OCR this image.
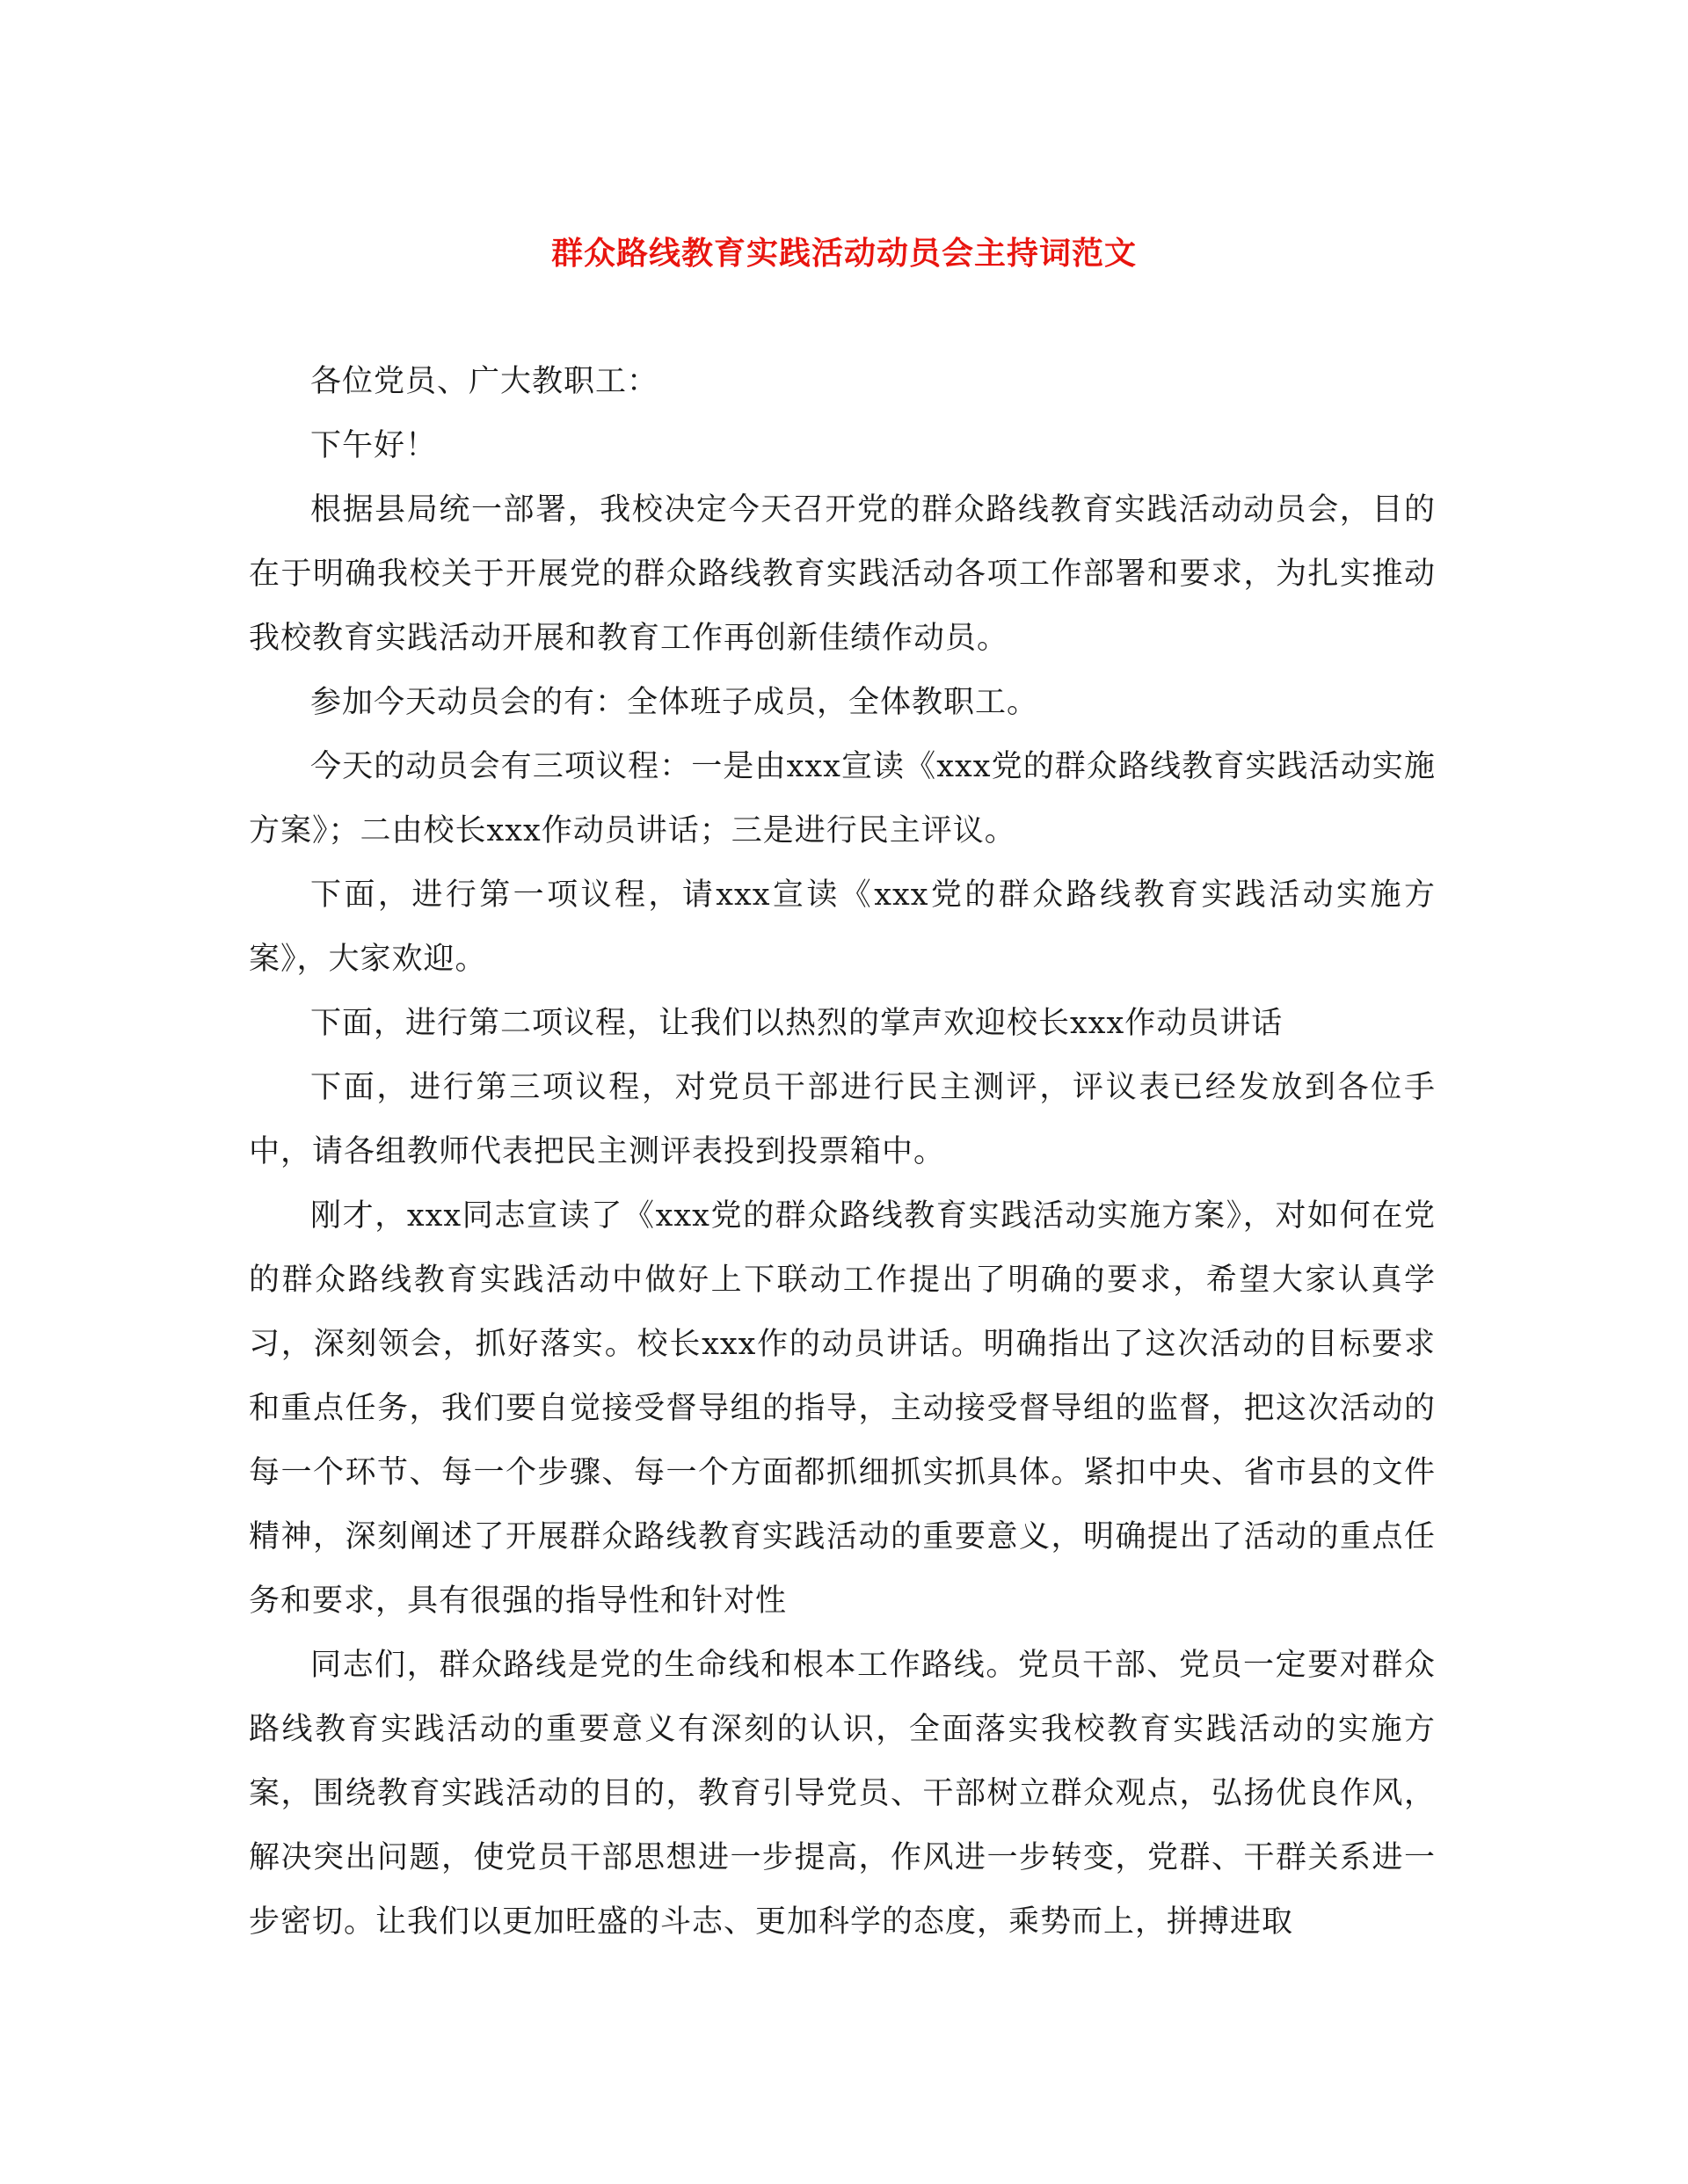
群众路线教育实践活动动员会主持词范文

各位党员、广大教职工：

下午好！

根据县局统一部署，我校决定今天召开党的群众路线教育实践活动动员会，目的在于明确我校关于开展党的群众路线教育实践活动各项工作部署和要求，为扎实推动我校教育实践活动开展和教育工作再创新佳绩作动员。

参加今天动员会的有：全体班子成员，全体教职工。

今天的动员会有三项议程：一是由xxx宣读《xxx党的群众路线教育实践活动实施方案》；二由校长xxx作动员讲话；三是进行民主评议。

下面，进行第一项议程，请xxx宣读《xxx党的群众路线教育实践活动实施方案》，大家欢迎。

下面，进行第二项议程，让我们以热烈的掌声欢迎校长xxx作动员讲话

下面，进行第三项议程，对党员干部进行民主测评，评议表已经发放到各位手中，请各组教师代表把民主测评表投到投票箱中。

刚才，xxx同志宣读了《xxx党的群众路线教育实践活动实施方案》，对如何在党的群众路线教育实践活动中做好上下联动工作提出了明确的要求，希望大家认真学习，深刻领会，抓好落实。校长xxx作的动员讲话。明确指出了这次活动的目标要求和重点任务，我们要自觉接受督导组的指导，主动接受督导组的监督，把这次活动的每一个环节、每一个步骤、每一个方面都抓细抓实抓具体。紧扣中央、省市县的文件精神，深刻阐述了开展群众路线教育实践活动的重要意义，明确提出了活动的重点任务和要求，具有很强的指导性和针对性

同志们，群众路线是党的生命线和根本工作路线。党员干部、党员一定要对群众路线教育实践活动的重要意义有深刻的认识，全面落实我校教育实践活动的实施方案，围绕教育实践活动的目的，教育引导党员、干部树立群众观点，弘扬优良作风，解决突出问题，使党员干部思想进一步提高，作风进一步转变，党群、干群关系进一步密切。让我们以更加旺盛的斗志、更加科学的态度，乘势而上，拼搏进取
